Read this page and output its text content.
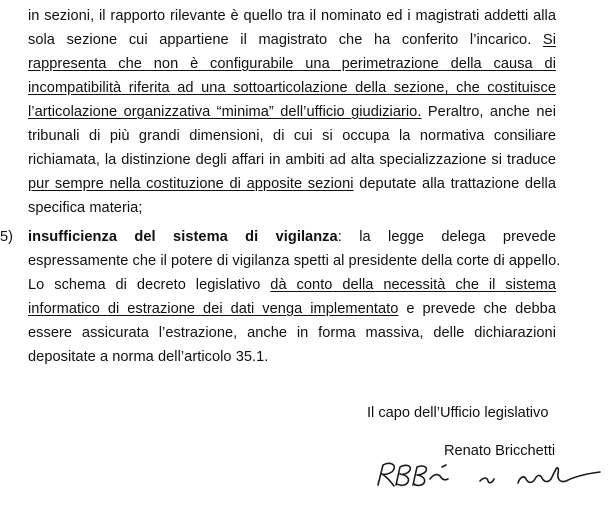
in sezioni, il rapporto rilevante è quello tra il nominato ed i magistrati addetti alla
sola sezione cui appartiene il magistrato che ha conferito l’incarico. Si
rappresenta che non è configurabile una perimetrazione della causa di
incompatibilità riferita ad una sottoarticolazione della sezione, che costituisce
l’articolazione organizzativa “minima” dell’ufficio giudiziario. Peraltro, anche nei
tribunali di più grandi dimensioni, di cui si occupa la normativa consiliare
richiamata, la distinzione degli affari in ambiti ad alta specializzazione si traduce
pur sempre nella costituzione di apposite sezioni deputate alla trattazione della
specifica materia;
5) insufficienza del sistema di vigilanza: la legge delega prevede
espressamente che il potere di vigilanza spetti al presidente della corte di appello.
Lo schema di decreto legislativo dà conto della necessità che il sistema
informatico di estrazione dei dati venga implementato e prevede che debba
essere assicurata l’estrazione, anche in forma massiva, delle dichiarazioni
depositate a norma dell’articolo 35.1.
Il capo dell’Ufficio legislativo
Renato Bricchetti
